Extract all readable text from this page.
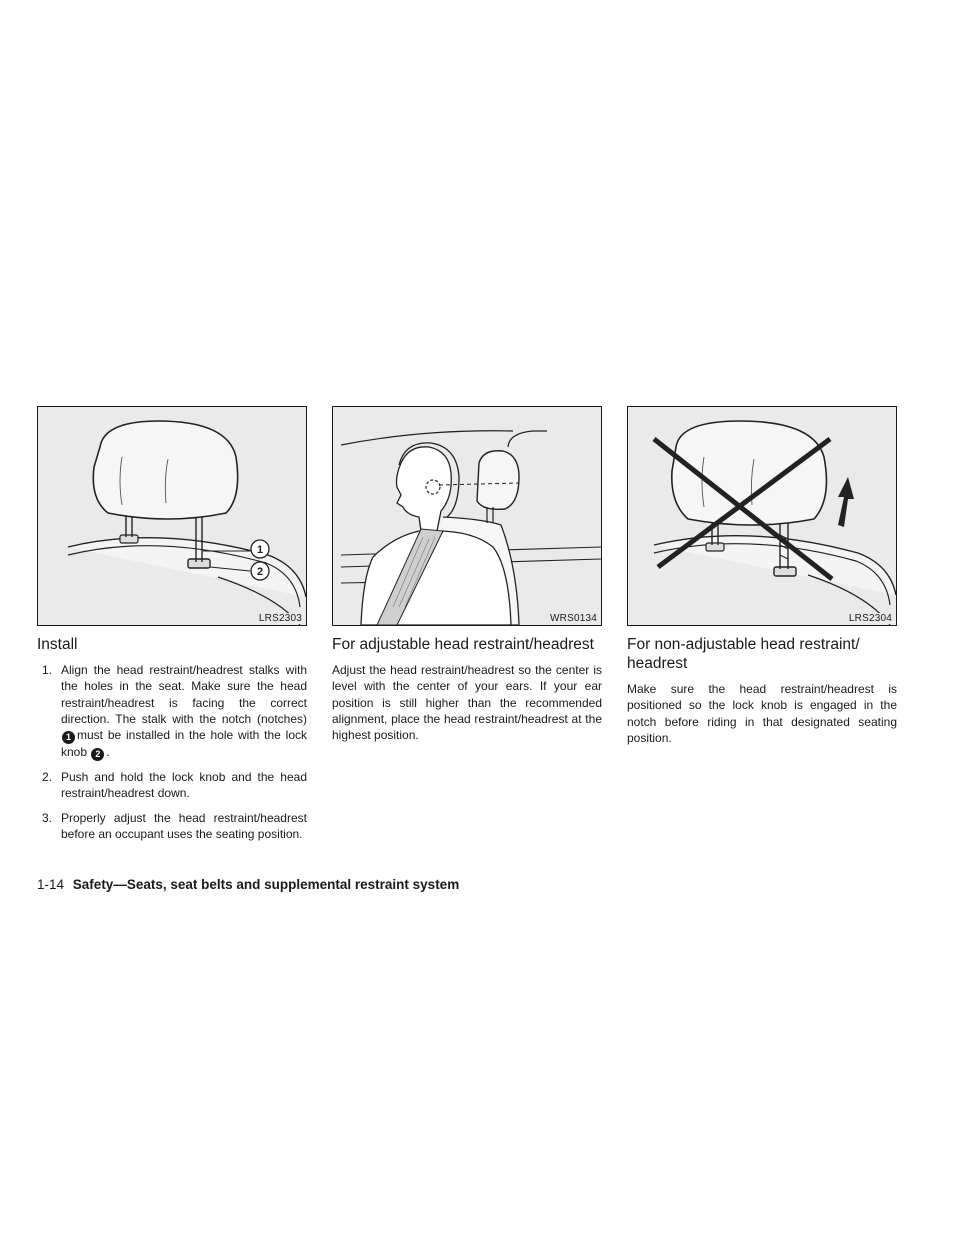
1
2
LRS2303
Install
1. Align the head restraint/headrest stalks with the holes in the seat. Make sure the head restraint/headrest is facing the correct direction. The stalk with the notch (notches) 1 must be installed in the hole with the lock knob 2 .
2. Push and hold the lock knob and the head restraint/headrest down.
3. Properly adjust the head restraint/headrest before an occupant uses the seating position.
WRS0134
For adjustable head restraint/headrest

Adjust the head restraint/headrest so the center is level with the center of your ears. If your ear position is still higher than the recommended alignment, place the head restraint/headrest at the highest position.

LRS2304
For non-adjustable head restraint/ headrest

Make sure the head restraint/headrest is positioned so the lock knob is engaged in the notch before riding in that designated seating position.

1-14 Safety—Seats, seat belts and supplemental restraint system
